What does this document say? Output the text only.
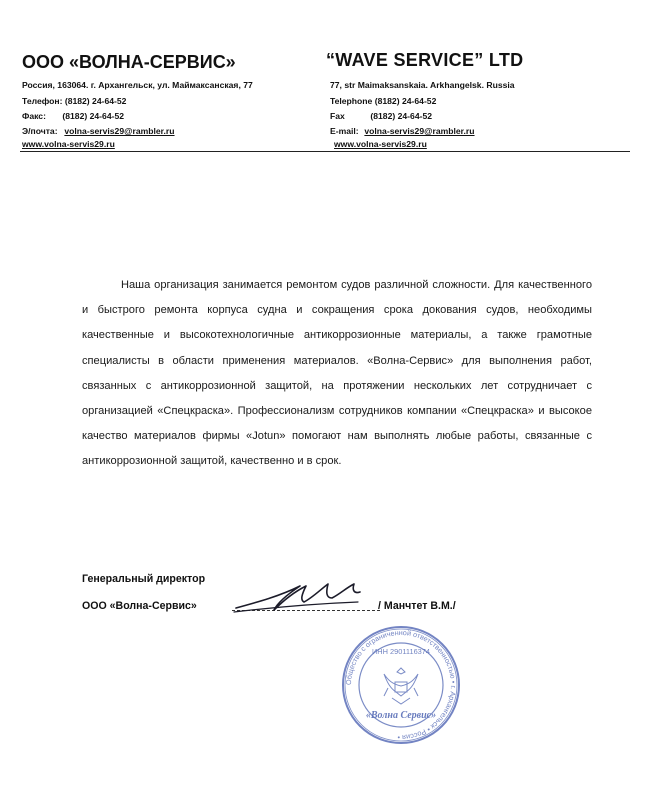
ООО «ВОЛНА-СЕРВИС»
Россия, 163064. г. Архангельск, ул. Маймаксанская, 77
Телефон: (8182) 24-64-52
Факс: (8182) 24-64-52
Э/почта: volna-servis29@rambler.ru
www.volna-servis29.ru
“WAVE SERVICE” LTD
77, str Maimaksanskaia. Arkhangelsk. Russia
Telephone (8182) 24-64-52
Fax	(8182) 24-64-52
E-mail: volna-servis29@rambler.ru
www.volna-servis29.ru
Наша организация занимается ремонтом судов различной сложности. Для качественного и быстрого ремонта корпуса судна и сокращения срока докования судов, необходимы качественные и высокотехнологичные антикоррозионные материалы, а также грамотные специалисты в области применения материалов. «Волна-Сервис» для выполнения работ, связанных с антикоррозионной защитой, на протяжении нескольких лет сотрудничает с организацией «Спецкраска». Профессионализм сотрудников компании «Спецкраска» и высокое качество материалов фирмы «Jotun» помогают нам выполнять любые работы, связанные с антикоррозионной защитой, качественно и в срок.
Генеральный директор
ООО «Волна-Сервис»	/ Манчтет В.М./
Общество с ограниченной ответственностью • г. Архангельск • Россия •
ИНН 2901116374
«Волна Сервис»
